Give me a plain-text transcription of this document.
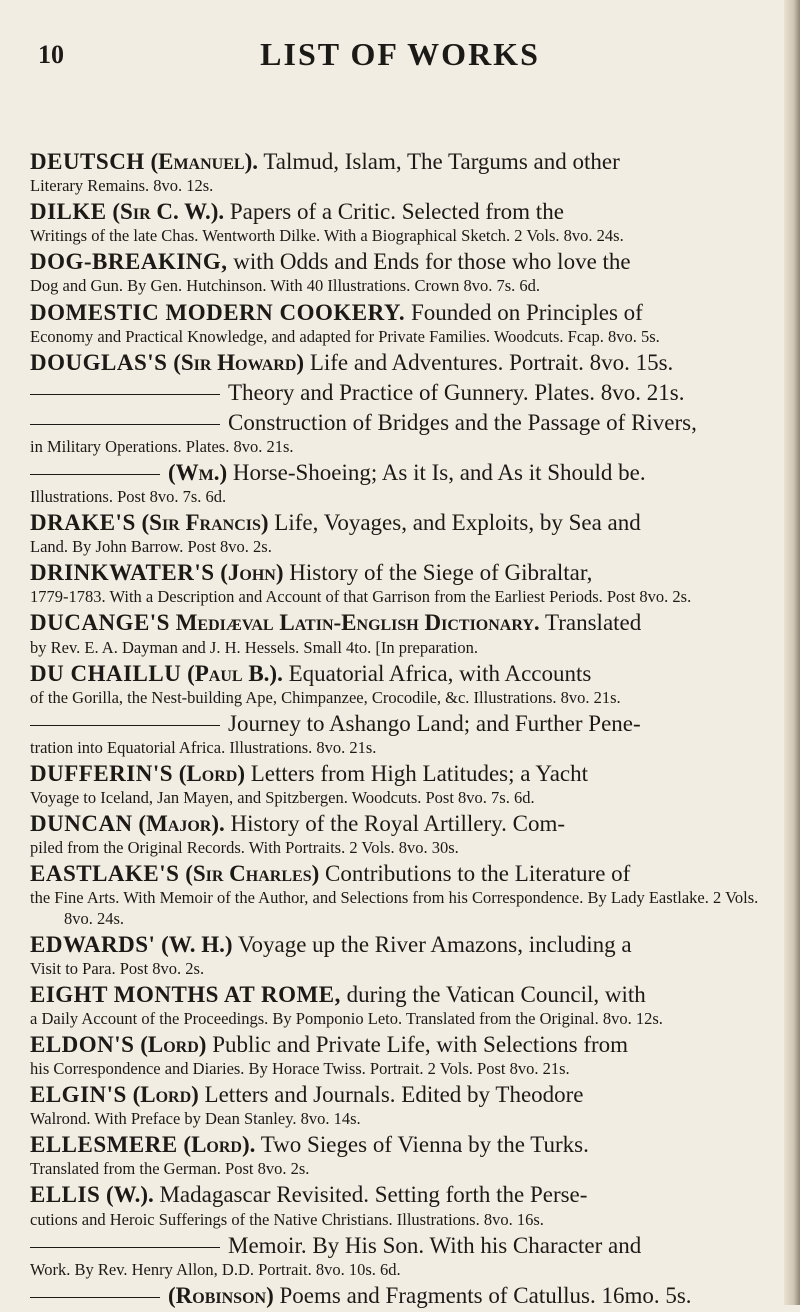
10	LIST OF WORKS
DEUTSCH (Emanuel). Talmud, Islam, The Targums and other
Literary Remains. 8vo. 12s.
DILKE (Sir C. W.). Papers of a Critic. Selected from the
Writings of the late Chas. Wentworth Dilke. With a Biographical Sketch. 2 Vols. 8vo. 24s.
DOG-BREAKING, with Odds and Ends for those who love the
Dog and Gun. By Gen. Hutchinson. With 40 Illustrations. Crown 8vo. 7s. 6d.
DOMESTIC MODERN COOKERY. Founded on Principles of
Economy and Practical Knowledge, and adapted for Private Families. Woodcuts. Fcap. 8vo. 5s.
DOUGLAS'S (Sir Howard) Life and Adventures. Portrait. 8vo. 15s.
Theory and Practice of Gunnery. Plates. 8vo. 21s.
Construction of Bridges and the Passage of Rivers,
in Military Operations. Plates. 8vo. 21s.
(Wm.) Horse-Shoeing; As it Is, and As it Should be.
Illustrations. Post 8vo. 7s. 6d.
DRAKE'S (Sir Francis) Life, Voyages, and Exploits, by Sea and
Land. By John Barrow. Post 8vo. 2s.
DRINKWATER'S (John) History of the Siege of Gibraltar,
1779-1783. With a Description and Account of that Garrison from the Earliest Periods. Post 8vo. 2s.
DUCANGE'S Mediæval Latin-English Dictionary. Translated
by Rev. E. A. Dayman and J. H. Hessels. Small 4to. [In preparation.
DU CHAILLU (Paul B.). Equatorial Africa, with Accounts
of the Gorilla, the Nest-building Ape, Chimpanzee, Crocodile, &c. Illustrations. 8vo. 21s.
Journey to Ashango Land; and Further Pene-
tration into Equatorial Africa. Illustrations. 8vo. 21s.
DUFFERIN'S (Lord) Letters from High Latitudes; a Yacht
Voyage to Iceland, Jan Mayen, and Spitzbergen. Woodcuts. Post 8vo. 7s. 6d.
DUNCAN (Major). History of the Royal Artillery. Com-
piled from the Original Records. With Portraits. 2 Vols. 8vo. 30s.
EASTLAKE'S (Sir Charles) Contributions to the Literature of
the Fine Arts. With Memoir of the Author, and Selections from his Correspondence. By Lady Eastlake. 2 Vols. 8vo. 24s.
EDWARDS' (W. H.) Voyage up the River Amazons, including a
Visit to Para. Post 8vo. 2s.
EIGHT MONTHS AT ROME, during the Vatican Council, with
a Daily Account of the Proceedings. By Pomponio Leto. Translated from the Original. 8vo. 12s.
ELDON'S (Lord) Public and Private Life, with Selections from
his Correspondence and Diaries. By Horace Twiss. Portrait. 2 Vols. Post 8vo. 21s.
ELGIN'S (Lord) Letters and Journals. Edited by Theodore
Walrond. With Preface by Dean Stanley. 8vo. 14s.
ELLESMERE (Lord). Two Sieges of Vienna by the Turks.
Translated from the German. Post 8vo. 2s.
ELLIS (W.). Madagascar Revisited. Setting forth the Perse-
cutions and Heroic Sufferings of the Native Christians. Illustrations. 8vo. 16s.
Memoir. By His Son. With his Character and
Work. By Rev. Henry Allon, D.D. Portrait. 8vo. 10s. 6d.
(Robinson) Poems and Fragments of Catullus. 16mo. 5s.
